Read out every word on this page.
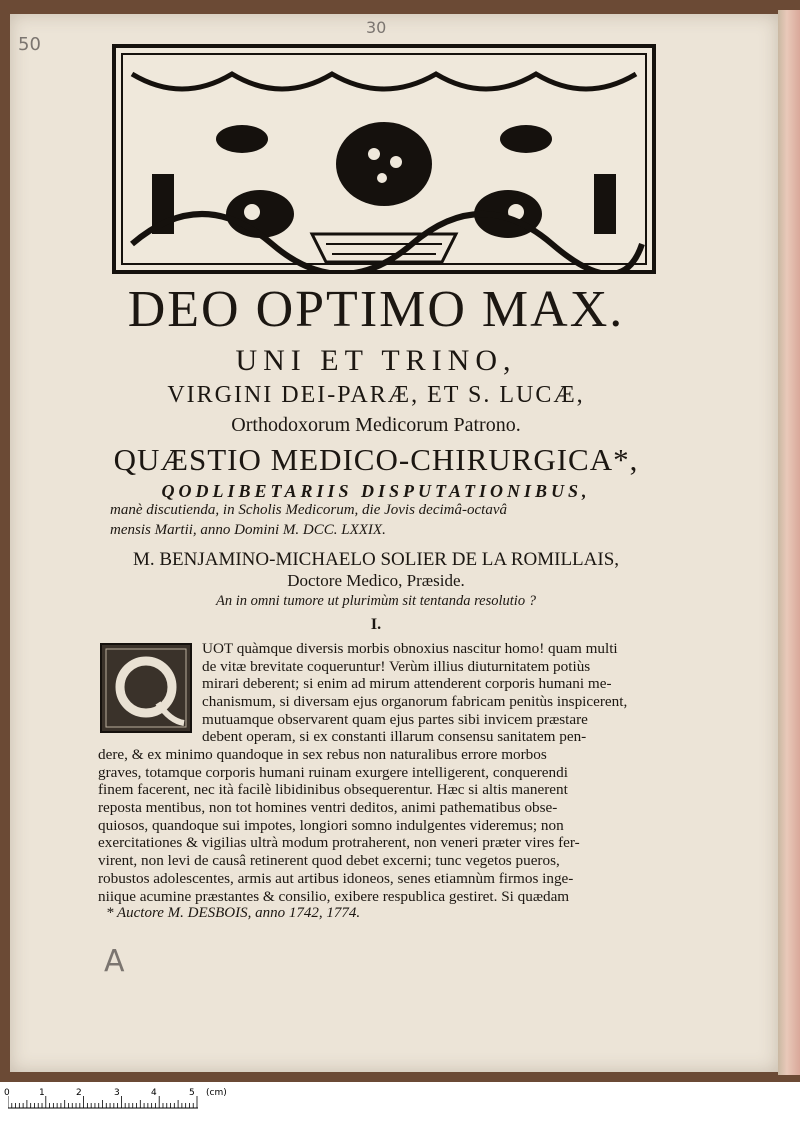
50
30
DEO OPTIMO MAX.
UNI ET TRINO,
VIRGINI DEI-PARÆ, ET S. LUCÆ,
Orthodoxorum Medicorum Patrono.
QUÆSTIO MEDICO-CHIRURGICA*,
QODLIBETARIIS DISPUTATIONIBUS,
manè discutienda, in Scholis Medicorum, die Jovis decimâ-octavâ
mensis Martii, anno Domini M. DCC. LXXIX.
M. BENJAMINO-MICHAELO SOLIER DE LA ROMILLAIS,
Doctore Medico, Præside.
An in omni tumore ut plurimùm sit tentanda resolutio ?
I.
UOT quàmque diversis morbis obnoxius nascitur homo! quam multi
de vitæ brevitate coqueruntur! Verùm illius diuturnitatem potiùs
mirari deberent; si enim ad mirum attenderent corporis humani me-
chanismum, si diversam ejus organorum fabricam penitùs inspicerent,
mutuamque observarent quam ejus partes sibi invicem præstare
debent operam, si ex constanti illarum consensu sanitatem pen-
dere, & ex minimo quandoque in sex rebus non naturalibus errore morbos
graves, totamque corporis humani ruinam exurgere intelligerent, conquerendi
finem facerent, nec ità facilè libidinibus obsequerentur. Hæc si altis manerent
reposta mentibus, non tot homines ventri deditos, animi pathematibus obse-
quiosos, quandoque sui impotes, longiori somno indulgentes videremus; non
exercitationes & vigilias ultrà modum protraherent, non veneri præter vires fer-
virent, non levi de causâ retinerent quod debet excerni; tunc vegetos pueros,
robustos adolescentes, armis aut artibus idoneos, senes etiamnùm firmos inge-
niique acumine præstantes & consilio, exibere respublica gestiret. Si quædam
* Auctore M. DESBOIS, anno 1742, 1774.
A
0	1	2	3	4	5 (cm)
